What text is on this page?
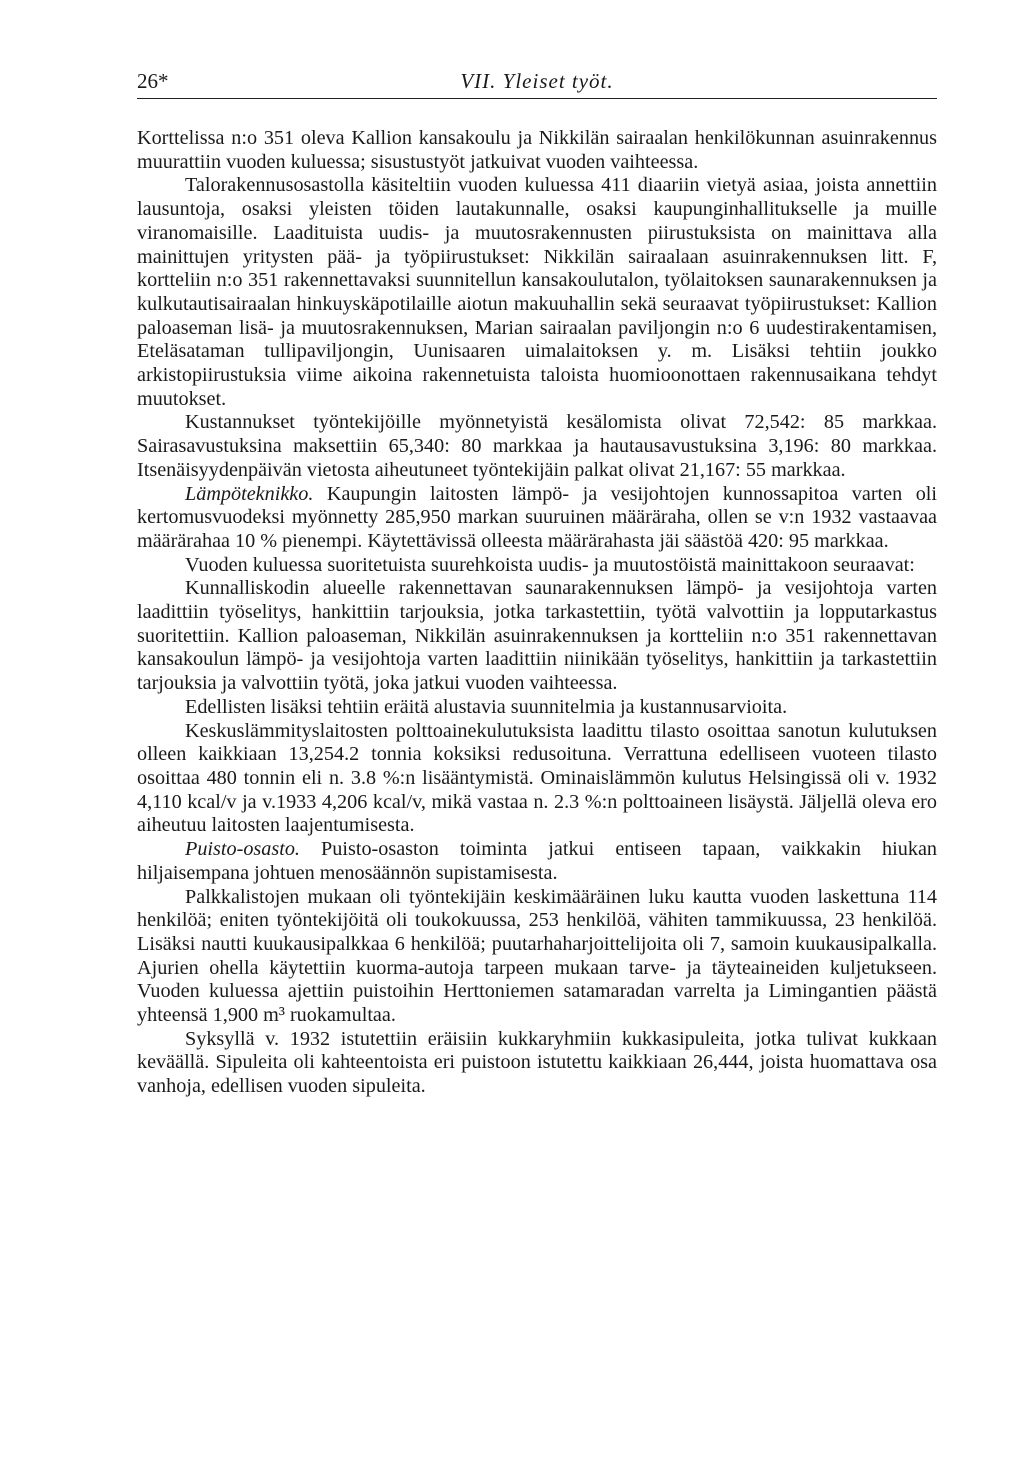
26*	VII. Yleiset työt.

Korttelissa n:o 351 oleva Kallion kansakoulu ja Nikkilän sairaalan henkilökunnan asuinrakennus muurattiin vuoden kuluessa; sisustustyöt jatkuivat vuoden vaihteessa.

Talorakennusosastolla käsiteltiin vuoden kuluessa 411 diaariin vietyä asiaa, joista annettiin lausuntoja, osaksi yleisten töiden lautakunnalle, osaksi kaupunginhallitukselle ja muille viranomaisille. Laadituista uudis- ja muutosrakennusten piirustuksista on mainittava alla mainittujen yritysten pää- ja työpiirustukset: Nikkilän sairaalaan asuinrakennuksen litt. F, kortteliin n:o 351 rakennettavaksi suunnitellun kansakoulutalon, työlaitoksen saunarakennuksen ja kulkutautisairaalan hinkuyskäpotilaille aiotun makuuhallin sekä seuraavat työpiirustukset: Kallion paloaseman lisä- ja muutosrakennuksen, Marian sairaalan paviljongin n:o 6 uudestirakentamisen, Eteläsataman tullipaviljongin, Uunisaaren uimalaitoksen y. m. Lisäksi tehtiin joukko arkistopiirustuksia viime aikoina rakennetuista taloista huomioonottaen rakennusaikana tehdyt muutokset.

Kustannukset työntekijöille myönnetyistä kesälomista olivat 72,542: 85 markkaa. Sairasavustuksina maksettiin 65,340: 80 markkaa ja hautausavustuksina 3,196: 80 markkaa. Itsenäisyydenpäivän vietosta aiheutuneet työntekijäin palkat olivat 21,167: 55 markkaa.

Lämpöteknikko. Kaupungin laitosten lämpö- ja vesijohtojen kunnossapitoa varten oli kertomusvuodeksi myönnetty 285,950 markan suuruinen määräraha, ollen se v:n 1932 vastaavaa määrärahaa 10 % pienempi. Käytettävissä olleesta määrärahasta jäi säästöä 420: 95 markkaa.

Vuoden kuluessa suoritetuista suurehkoista uudis- ja muutostöistä mainittakoon seuraavat:

Kunnalliskodin alueelle rakennettavan saunarakennuksen lämpö- ja vesijohtoja varten laadittiin työselitys, hankittiin tarjouksia, jotka tarkastettiin, työtä valvottiin ja lopputarkastus suoritettiin. Kallion paloaseman, Nikkilän asuinrakennuksen ja kortteliin n:o 351 rakennettavan kansakoulun lämpö- ja vesijohtoja varten laadittiin niinikään työselitys, hankittiin ja tarkastettiin tarjouksia ja valvottiin työtä, joka jatkui vuoden vaihteessa.

Edellisten lisäksi tehtiin eräitä alustavia suunnitelmia ja kustannusarvioita.

Keskuslämmityslaitosten polttoainekulutuksista laadittu tilasto osoittaa sanotun kulutuksen olleen kaikkiaan 13,254.2 tonnia koksiksi redusoituna. Verrattuna edelliseen vuoteen tilasto osoittaa 480 tonnin eli n. 3.8 %:n lisääntymistä. Ominaislämmön kulutus Helsingissä oli v. 1932 4,110 kcal/v ja v.1933 4,206 kcal/v, mikä vastaa n. 2.3 %:n polttoaineen lisäystä. Jäljellä oleva ero aiheutuu laitosten laajentumisesta.

Puisto-osasto. Puisto-osaston toiminta jatkui entiseen tapaan, vaikkakin hiukan hiljaisempana johtuen menosäännön supistamisesta.

Palkkalistojen mukaan oli työntekijäin keskimääräinen luku kautta vuoden laskettuna 114 henkilöä; eniten työntekijöitä oli toukokuussa, 253 henkilöä, vähiten tammikuussa, 23 henkilöä. Lisäksi nautti kuukausipalkkaa 6 henkilöä; puutarhaharjoittelijoita oli 7, samoin kuukausipalkalla. Ajurien ohella käytettiin kuorma-autoja tarpeen mukaan tarve- ja täyteaineiden kuljetukseen. Vuoden kuluessa ajettiin puistoihin Herttoniemen satamaradan varrelta ja Limingantien päästä yhteensä 1,900 m³ ruokamultaa.

Syksyllä v. 1932 istutettiin eräisiin kukkaryhmiin kukkasipuleita, jotka tulivat kukkaan keväällä. Sipuleita oli kahteentoista eri puistoon istutettu kaikkiaan 26,444, joista huomattava osa vanhoja, edellisen vuoden sipuleita.
